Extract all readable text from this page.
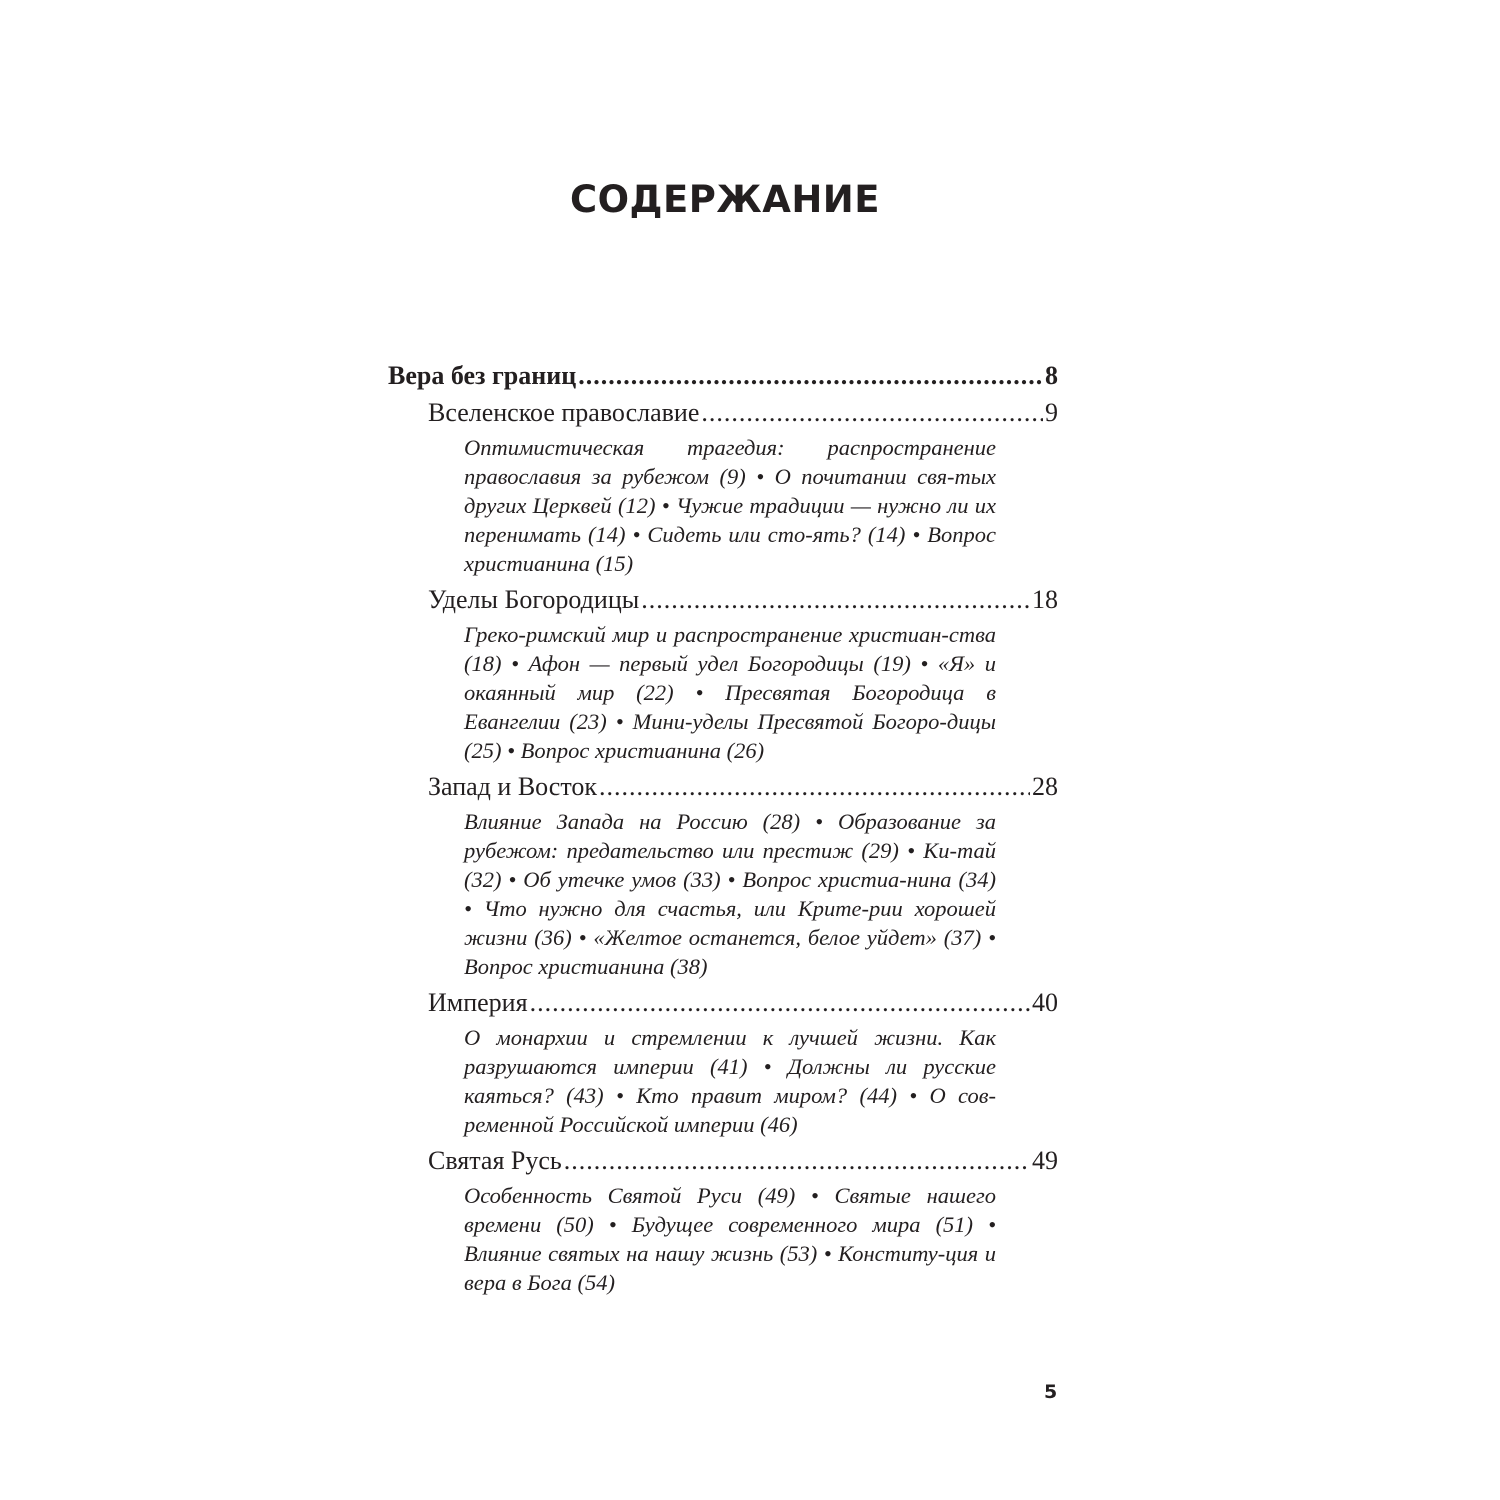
СОДЕРЖАНИЕ
Вера без границ .....	8
Вселенское православие .....	9
Оптимистическая трагедия: распространение православия за рубежом (9) • О почитании свя-тых других Церквей (12) • Чужие традиции — нужно ли их перенимать (14) • Сидеть или сто-ять? (14) • Вопрос христианина (15)
Уделы Богородицы .....	18
Греко-римский мир и распространение христиан-ства (18) • Афон — первый удел Богородицы (19) • «Я» и окаянный мир (22) • Пресвятая Богородица в Евангелии (23) • Мини-уделы Пресвятой Богоро-дицы (25) • Вопрос христианина (26)
Запад и Восток .....	28
Влияние Запада на Россию (28) • Образование за рубежом: предательство или престиж (29) • Ки-тай (32) • Об утечке умов (33) • Вопрос христиа-нина (34) • Что нужно для счастья, или Крите-рии хорошей жизни (36) • «Желтое останется, белое уйдет» (37) • Вопрос христианина (38)
Империя .....	40
О монархии и стремлении к лучшей жизни. Как разрушаются империи (41) • Должны ли русские каяться? (43) • Кто правит миром? (44) • О сов-ременной Российской империи (46)
Святая Русь .....	49
Особенность Святой Руси (49) • Святые нашего времени (50) • Будущее современного мира (51) • Влияние святых на нашу жизнь (53) • Конститу-ция и вера в Бога (54)
5
